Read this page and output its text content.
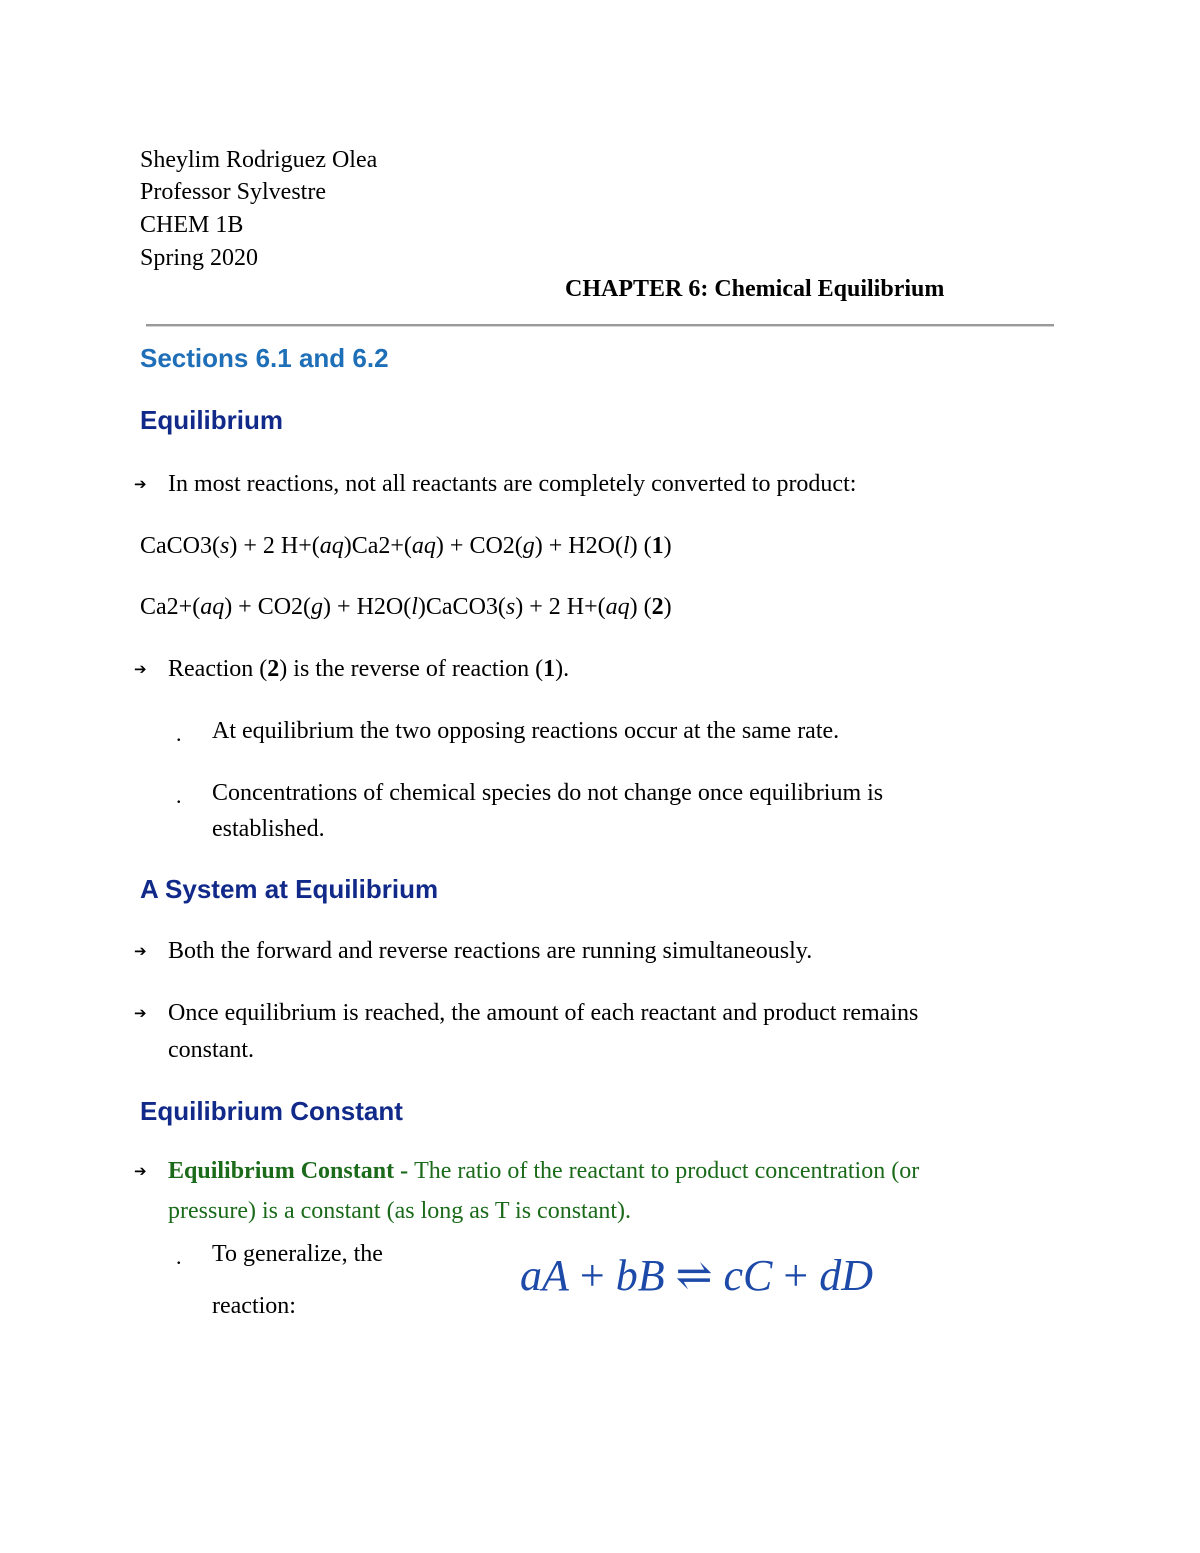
Sheylim Rodriguez Olea
Professor Sylvestre
CHEM 1B
Spring 2020
CHAPTER 6: Chemical Equilibrium
Sections 6.1 and 6.2
Equilibrium
➔ In most reactions, not all reactants are completely converted to product:
CaCO3(s) + 2 H+(aq)Ca2+(aq) + CO2(g) + H2O(l) (1)
Ca2+(aq) + CO2(g) + H2O(l)CaCO3(s) + 2 H+(aq) (2)
➔ Reaction (2) is the reverse of reaction (1).
. At equilibrium the two opposing reactions occur at the same rate.
. Concentrations of chemical species do not change once equilibrium is
established.
A System at Equilibrium
➔ Both the forward and reverse reactions are running simultaneously.
➔ Once equilibrium is reached, the amount of each reactant and product remains
constant.
Equilibrium Constant
➔ Equilibrium Constant - The ratio of the reactant to product concentration (or
pressure) is a constant (as long as T is constant).
. To generalize, the
reaction:
aA + bB ⇌ cC + dD
